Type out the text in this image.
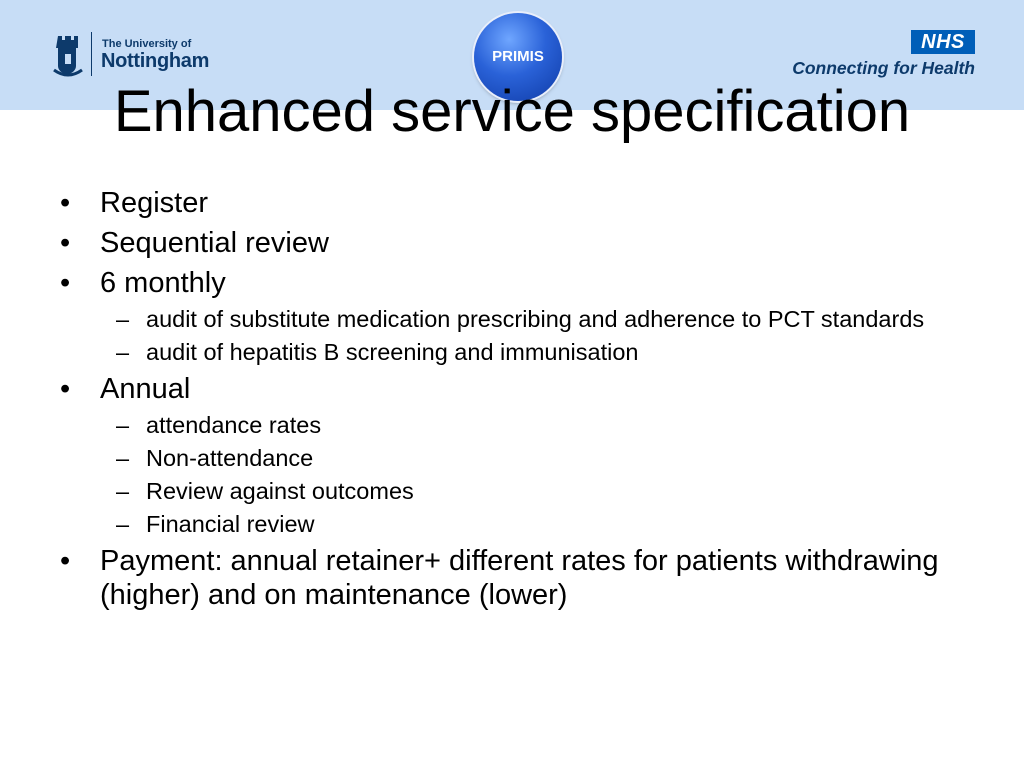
The University of
Nottingham	PRIMIS
NHS
Connecting for Health
Enhanced service specification
• Register
• Sequential review
• 6 monthly
– audit of substitute medication prescribing and adherence to PCT standards
– audit of hepatitis B screening and immunisation
• Annual
– attendance rates
– Non-attendance
– Review against outcomes
– Financial review
• Payment: annual retainer+ different rates for patients withdrawing (higher) and on maintenance (lower)
